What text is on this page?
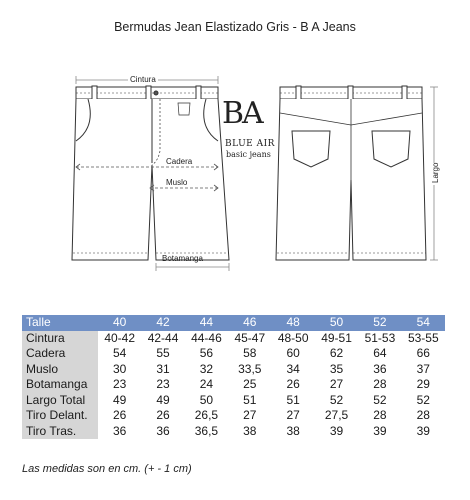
Bermudas Jean Elastizado Gris - B A Jeans
Cintura
Cadera
Muslo
Botamanga
BA
BLUE AIR
basic jeans
Largo
Talle	40	42	44	46	48	50	52	54
Cintura	40-42	42-44	44-46	45-47	48-50	49-51	51-53	53-55
Cadera	54	55	56	58	60	62	64	66
Muslo	30	31	32	33,5	34	35	36	37
Botamanga	23	23	24	25	26	27	28	29
Largo Total	49	49	50	51	51	52	52	52
Tiro Delant.	26	26	26,5	27	27	27,5	28	28
Tiro Tras.	36	36	36,5	38	38	39	39	39
Las medidas son en cm. (+ - 1 cm)
